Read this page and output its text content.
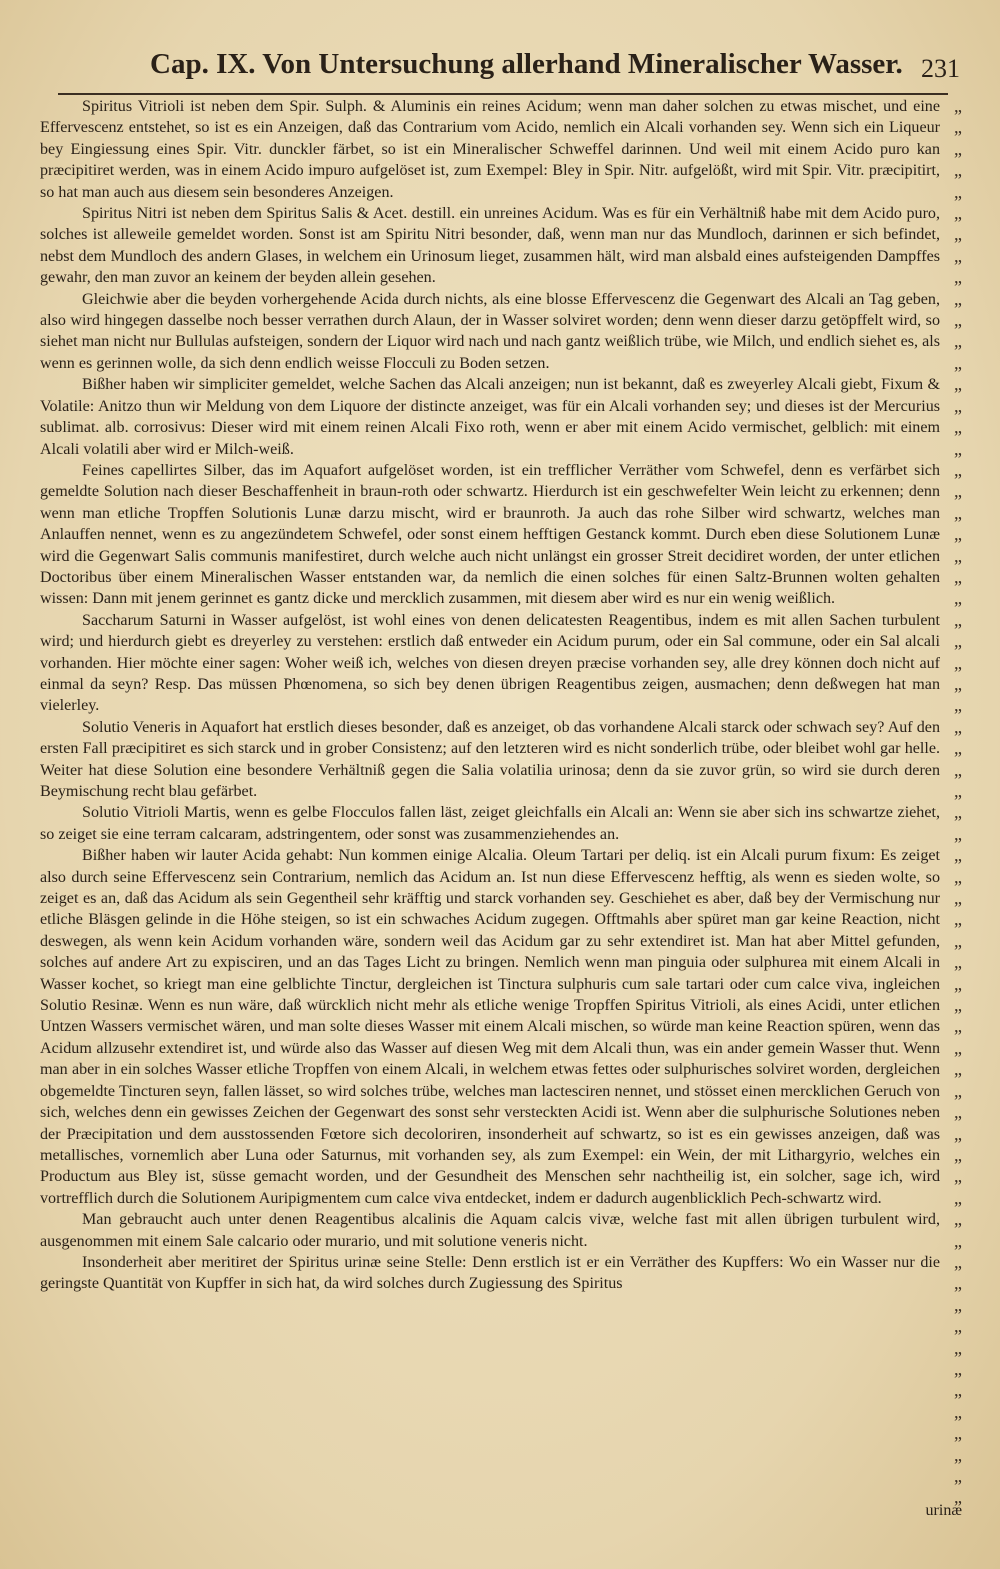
Cap. IX. Von Untersuchung allerhand Mineralischer Wasser. 231

Spiritus Vitrioli ist neben dem Spir. Sulph. & Aluminis ein reines Acidum; wenn man daher solchen zu etwas mischet, und eine Effervescenz entstehet, so ist es ein Anzeigen, daß das Contrarium vom Acido, nemlich ein Alcali vorhanden sey. Wenn sich ein Liqueur bey Eingiessung eines Spir. Vitr. dunckler färbet, so ist ein Mineralischer Schweffel darinnen. Und weil mit einem Acido puro kan præcipitiret werden, was in einem Acido impuro aufgelöset ist, zum Exempel: Bley in Spir. Nitr. aufgelößt, wird mit Spir. Vitr. præcipitirt, so hat man auch aus diesem sein besonderes Anzeigen.

Spiritus Nitri ist neben dem Spiritus Salis & Acet. destill. ein unreines Acidum. Was es für ein Verhältniß habe mit dem Acido puro, solches ist alleweile gemeldet worden. Sonst ist am Spiritu Nitri besonder, daß, wenn man nur das Mundloch, darinnen er sich befindet, nebst dem Mundloch des andern Glases, in welchem ein Urinosum lieget, zusammen hält, wird man alsbald eines aufsteigenden Dampffes gewahr, den man zuvor an keinem der beyden allein gesehen.

Gleichwie aber die beyden vorhergehende Acida durch nichts, als eine blosse Effervescenz die Gegenwart des Alcali an Tag geben, also wird hingegen dasselbe noch besser verrathen durch Alaun, der in Wasser solviret worden; denn wenn dieser darzu getöpffelt wird, so siehet man nicht nur Bullulas aufsteigen, sondern der Liquor wird nach und nach gantz weißlich trübe, wie Milch, und endlich siehet es, als wenn es gerinnen wolle, da sich denn endlich weisse Flocculi zu Boden setzen.

Bißher haben wir simpliciter gemeldet, welche Sachen das Alcali anzeigen; nun ist bekannt, daß es zweyerley Alcali giebt, Fixum & Volatile: Anitzo thun wir Meldung von dem Liquore der distincte anzeiget, was für ein Alcali vorhanden sey; und dieses ist der Mercurius sublimat. alb. corrosivus: Dieser wird mit einem reinen Alcali Fixo roth, wenn er aber mit einem Acido vermischet, gelblich: mit einem Alcali volatili aber wird er Milch-weiß.

Feines capellirtes Silber, das im Aquafort aufgelöset worden, ist ein trefflicher Verräther vom Schwefel, denn es verfärbet sich gemeldte Solution nach dieser Beschaffenheit in braun-roth oder schwartz. Hierdurch ist ein geschwefelter Wein leicht zu erkennen; denn wenn man etliche Tropffen Solutionis Lunæ darzu mischt, wird er braunroth. Ja auch das rohe Silber wird schwartz, welches man Anlauffen nennet, wenn es zu angezündetem Schwefel, oder sonst einem hefftigen Gestanck kommt. Durch eben diese Solutionem Lunæ wird die Gegenwart Salis communis manifestiret, durch welche auch nicht unlängst ein grosser Streit decidiret worden, der unter etlichen Doctoribus über einem Mineralischen Wasser entstanden war, da nemlich die einen solches für einen Saltz-Brunnen wolten gehalten wissen: Dann mit jenem gerinnet es gantz dicke und mercklich zusammen, mit diesem aber wird es nur ein wenig weißlich.

Saccharum Saturni in Wasser aufgelöst, ist wohl eines von denen delicatesten Reagentibus, indem es mit allen Sachen turbulent wird; und hierdurch giebt es dreyerley zu verstehen: erstlich daß entweder ein Acidum purum, oder ein Sal commune, oder ein Sal alcali vorhanden. Hier möchte einer sagen: Woher weiß ich, welches von diesen dreyen præcise vorhanden sey, alle drey können doch nicht auf einmal da seyn? Resp. Das müssen Phœnomena, so sich bey denen übrigen Reagentibus zeigen, ausmachen; denn deßwegen hat man vielerley.

Solutio Veneris in Aquafort hat erstlich dieses besonder, daß es anzeiget, ob das vorhandene Alcali starck oder schwach sey? Auf den ersten Fall præcipitiret es sich starck und in grober Consistenz; auf den letzteren wird es nicht sonderlich trübe, oder bleibet wohl gar helle. Weiter hat diese Solution eine besondere Verhältniß gegen die Salia volatilia urinosa; denn da sie zuvor grün, so wird sie durch deren Beymischung recht blau gefärbet.

Solutio Vitrioli Martis, wenn es gelbe Flocculos fallen läst, zeiget gleichfalls ein Alcali an: Wenn sie aber sich ins schwartze ziehet, so zeiget sie eine terram calcaram, adstringentem, oder sonst was zusammenziehendes an.

Bißher haben wir lauter Acida gehabt: Nun kommen einige Alcalia. Oleum Tartari per deliq. ist ein Alcali purum fixum: Es zeiget also durch seine Effervescenz sein Contrarium, nemlich das Acidum an. Ist nun diese Effervescenz hefftig, als wenn es sieden wolte, so zeiget es an, daß das Acidum als sein Gegentheil sehr kräfftig und starck vorhanden sey. Geschiehet es aber, daß bey der Vermischung nur etliche Bläsgen gelinde in die Höhe steigen, so ist ein schwaches Acidum zugegen. Offtmahls aber spüret man gar keine Reaction, nicht deswegen, als wenn kein Acidum vorhanden wäre, sondern weil das Acidum gar zu sehr extendiret ist. Man hat aber Mittel gefunden, solches auf andere Art zu expisciren, und an das Tages Licht zu bringen. Nemlich wenn man pinguia oder sulphurea mit einem Alcali in Wasser kochet, so kriegt man eine gelblichte Tinctur, dergleichen ist Tinctura sulphuris cum sale tartari oder cum calce viva, ingleichen Solutio Resinæ. Wenn es nun wäre, daß würcklich nicht mehr als etliche wenige Tropffen Spiritus Vitrioli, als eines Acidi, unter etlichen Untzen Wassers vermischet wären, und man solte dieses Wasser mit einem Alcali mischen, so würde man keine Reaction spüren, wenn das Acidum allzusehr extendiret ist, und würde also das Wasser auf diesen Weg mit dem Alcali thun, was ein ander gemein Wasser thut. Wenn man aber in ein solches Wasser etliche Tropffen von einem Alcali, in welchem etwas fettes oder sulphurisches solviret worden, dergleichen obgemeldte Tincturen seyn, fallen lässet, so wird solches trübe, welches man lactesciren nennet, und stösset einen mercklichen Geruch von sich, welches denn ein gewisses Zeichen der Gegenwart des sonst sehr versteckten Acidi ist. Wenn aber die sulphurische Solutiones neben der Præcipitation und dem ausstossenden Fœtore sich decoloriren, insonderheit auf schwartz, so ist es ein gewisses anzeigen, daß was metallisches, vornemlich aber Luna oder Saturnus, mit vorhanden sey, als zum Exempel: ein Wein, der mit Lithargyrio, welches ein Productum aus Bley ist, süsse gemacht worden, und der Gesundheit des Menschen sehr nachtheilig ist, ein solcher, sage ich, wird vortrefflich durch die Solutionem Auripigmentem cum calce viva entdecket, indem er dadurch augenblicklich Pech-schwartz wird.

Man gebraucht auch unter denen Reagentibus alcalinis die Aquam calcis vivæ, welche fast mit allen übrigen turbulent wird, ausgenommen mit einem Sale calcario oder murario, und mit solutione veneris nicht.

Insonderheit aber meritiret der Spiritus urinæ seine Stelle: Denn erstlich ist er ein Verräther des Kupffers: Wo ein Wasser nur die geringste Quantität von Kupffer in sich hat, da wird solches durch Zugiessung des Spiritus

„
„
„
„
„
„
„
„
„
„
„
„
„
„
„
„
„
„
„
„
„
„
„
„
„
„
„
„
„
„
„
„
„
„
„
„
„
„
„
„
„
„
„
„
„
„
„
„
„
„
„
„
„
„
„
„
„
„
„
„
„
„
„
„
„
„
urinæ
